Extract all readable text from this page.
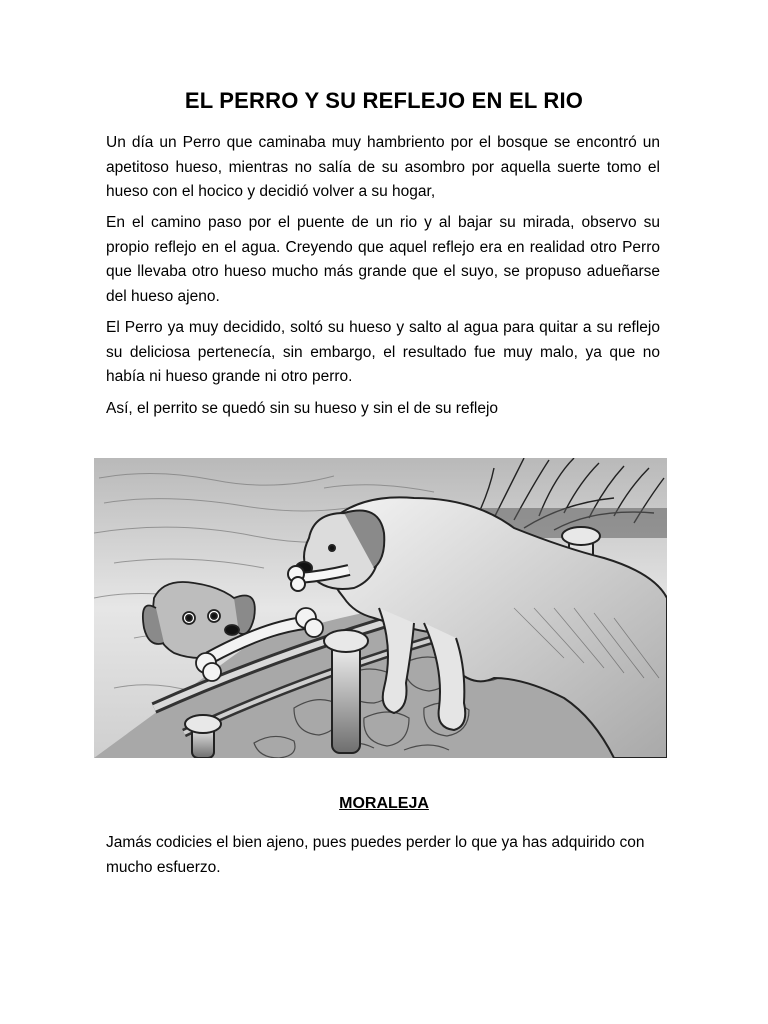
EL PERRO Y SU REFLEJO EN EL RIO

Un día un Perro que caminaba muy hambriento por el bosque se encontró un apetitoso hueso, mientras no salía de su asombro por aquella suerte tomo el hueso con el hocico y decidió volver a su hogar,

En el camino paso por el puente de un rio y al bajar su mirada, observo su propio reflejo en el agua. Creyendo que aquel reflejo era en realidad otro Perro que llevaba otro hueso mucho más grande que el suyo, se propuso adueñarse del hueso ajeno.

El Perro ya muy decidido, soltó su hueso y salto al agua para quitar a su reflejo su deliciosa pertenecía, sin embargo, el resultado fue muy malo, ya que no había ni hueso grande ni otro perro.

Así, el perrito se quedó sin su hueso y sin el de su reflejo

MORALEJA

Jamás codicies el bien ajeno, pues puedes perder lo que ya has adquirido con mucho esfuerzo.
